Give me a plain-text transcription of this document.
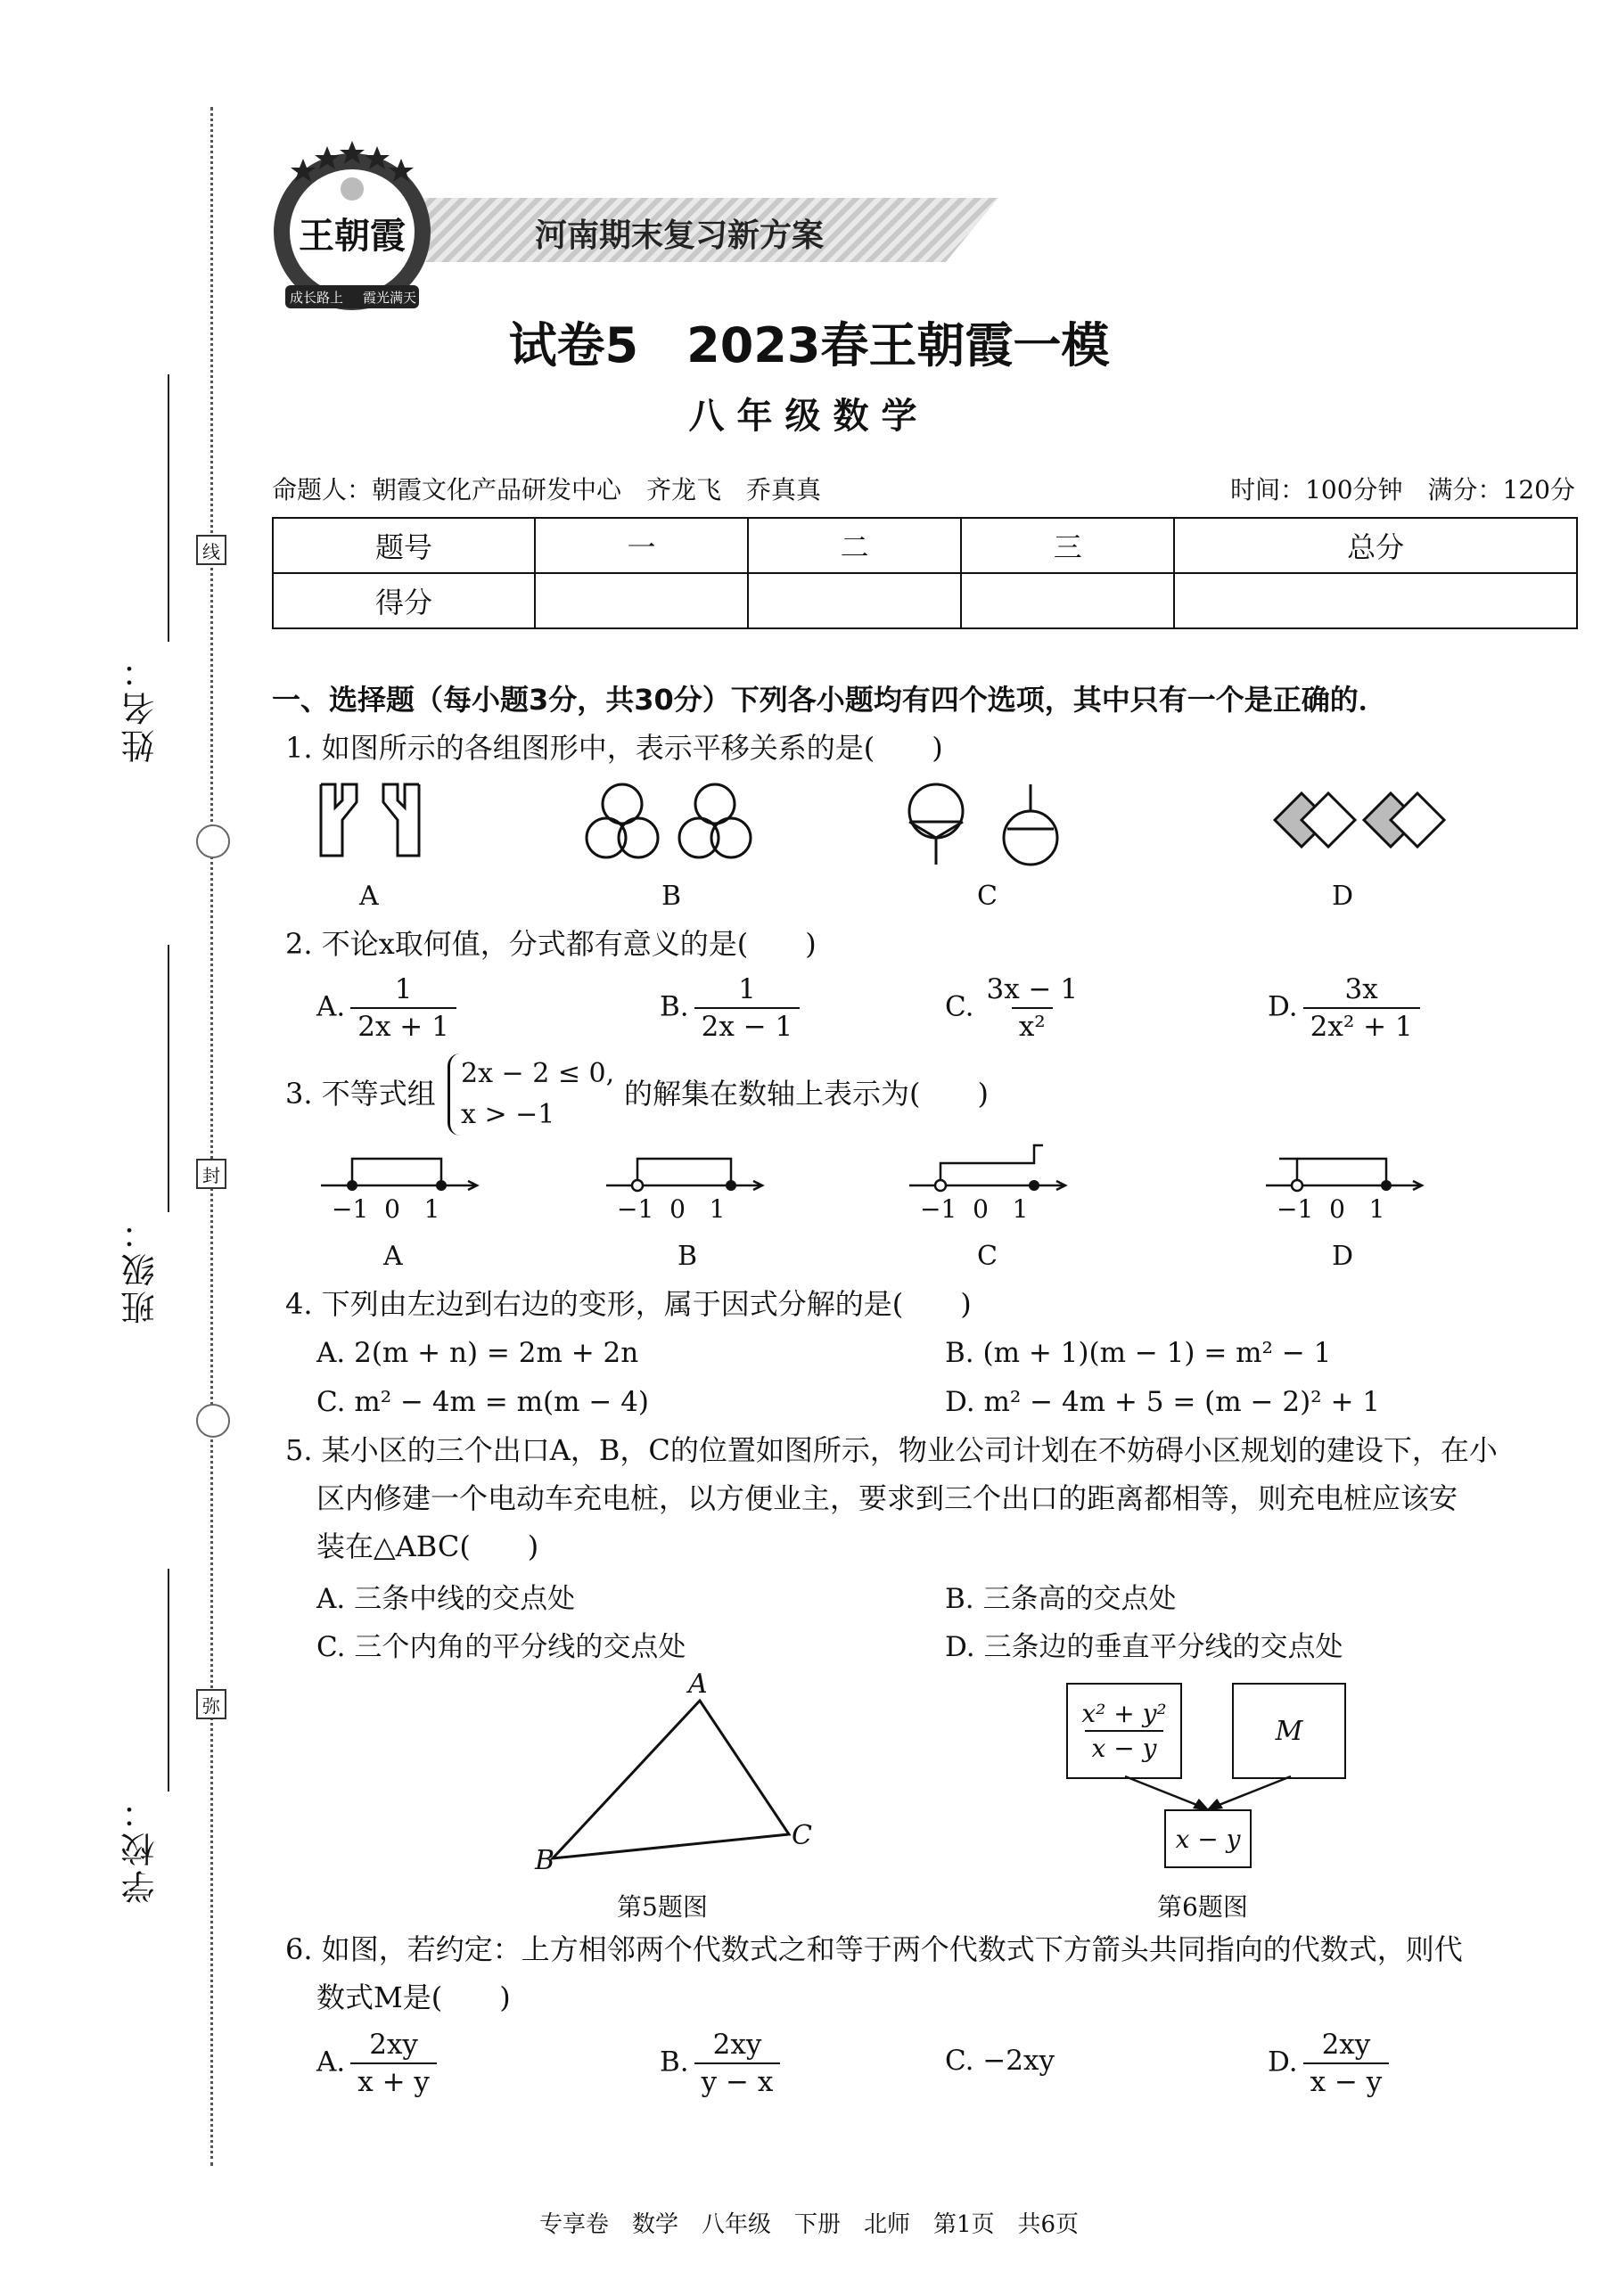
姓名：
班级：
学校：
线
封
弥
河南期末复习新方案
王朝霞
成长路上 霞光满天
试卷5　2023春王朝霞一模
八年级数学
命题人：朝霞文化产品研发中心　齐龙飞　乔真真	时间：100分钟　满分：120分
题号	一	二	三	总分
得分				
一、选择题（每小题3分，共30分）下列各小题均有四个选项，其中只有一个是正确的．
1. 如图所示的各组图形中，表示平移关系的是(　　)
A	B	C	D
2. 不论x取何值，分式都有意义的是(　　)
A. $\frac{1}{2x + 1}$	B. $\frac{1}{2x - 1}$	C. $\frac{3x - 1}{\text{x²}}$	D. $\frac{3x}{\text{2x² + 1}}$
3. 不等式组
2x − 2 ≤ 0,
x > −1
的解集在数轴上表示为(　　)
−1 0 1	−1 0 1	−1 0 1	−1 0 1
A	B	C	D
4. 下列由左边到右边的变形，属于因式分解的是(　　)
A. 2(m + n) = 2m + 2n	B. (m + 1)(m − 1) = m² − 1
C. m² − 4m = m(m − 4)	D. m² − 4m + 5 = (m − 2)² + 1
5. 某小区的三个出口A，B，C的位置如图所示，物业公司计划在不妨碍小区规划的建设下，在小
区内修建一个电动车充电桩，以方便业主，要求到三个出口的距离都相等，则充电桩应该安
装在△ABC(　　)
A. 三条中线的交点处	B. 三条高的交点处
C. 三个内角的平分线的交点处	D. 三条边的垂直平分线的交点处
A
B
C
第5题图
$\frac{\text{x² + y²}}{x - y}$	M
x − y
第6题图
6. 如图，若约定：上方相邻两个代数式之和等于两个代数式下方箭头共同指向的代数式，则代
数式M是(　　)
A. $\frac{2xy}{x + y}$	B. $\frac{2xy}{y - x}$	C. −2xy	D. $\frac{2xy}{x - y}$
专享卷　数学　八年级　下册　北师　第1页　共6页
